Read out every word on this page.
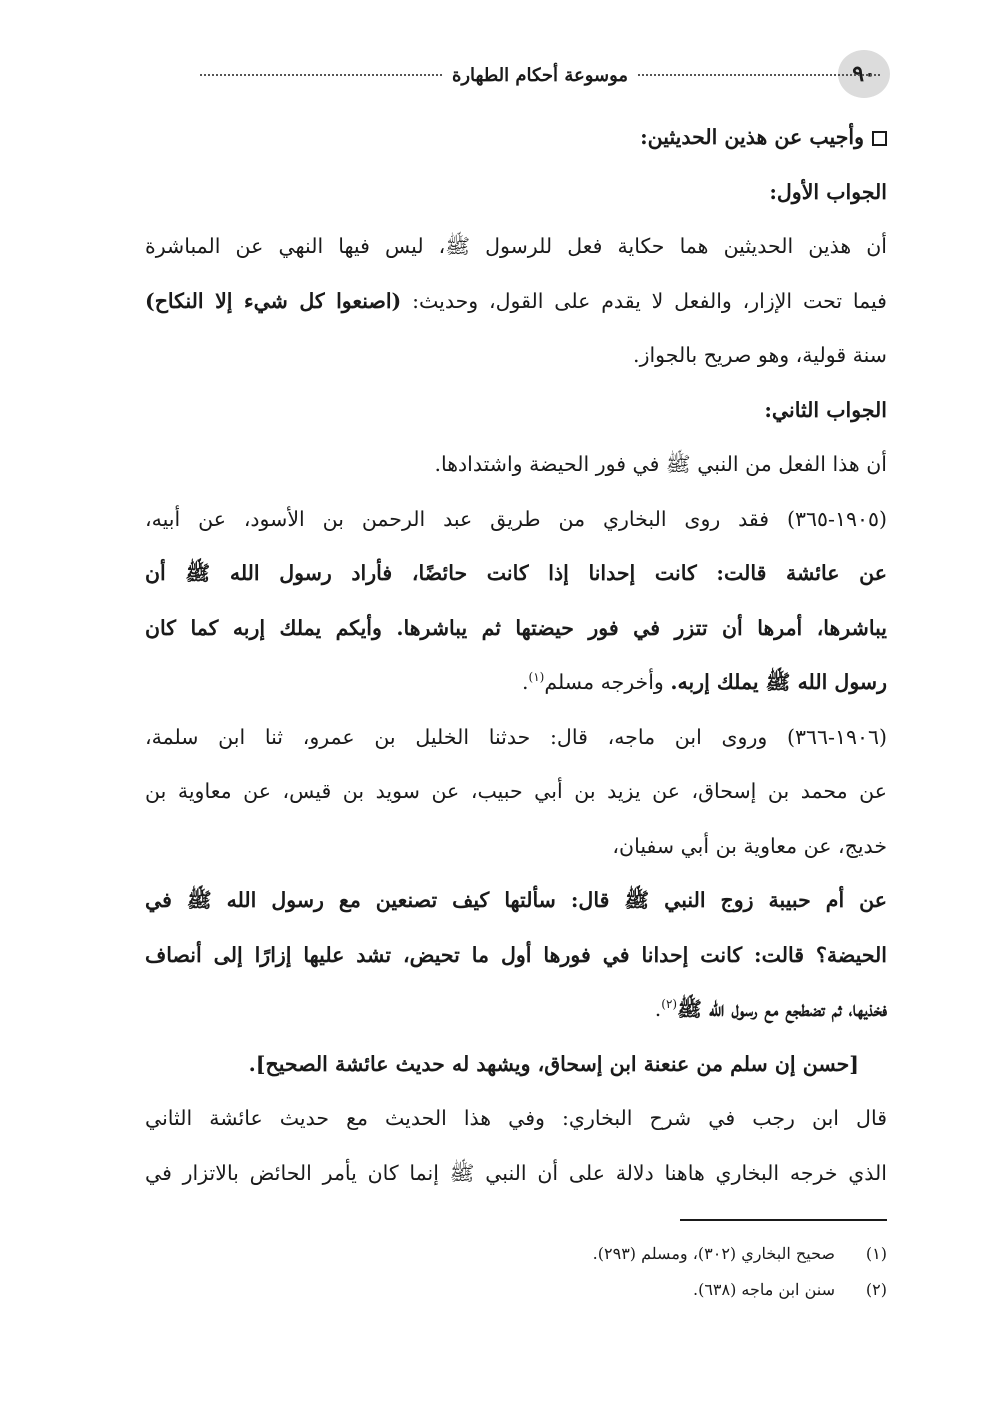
٩٠
موسوعة أحكام الطهارة
وأجيب عن هذين الحديثين:
الجواب الأول:
أن هذين الحديثين هما حكاية فعل للرسول ﷺ، ليس فيها النهي عن المباشرة
فيما تحت الإزار، والفعل لا يقدم على القول، وحديث: (اصنعوا كل شيء إلا النكاح)
سنة قولية، وهو صريح بالجواز.
الجواب الثاني:
أن هذا الفعل من النبي ﷺ في فور الحيضة واشتدادها.
(١٩٠٥-٣٦٥) فقد روى البخاري من طريق عبد الرحمن بن الأسود، عن أبيه،
عن عائشة قالت: كانت إحدانا إذا كانت حائضًا، فأراد رسول الله ﷺ أن
يباشرها، أمرها أن تتزر في فور حيضتها ثم يباشرها. وأيكم يملك إربه كما كان
رسول الله ﷺ يملك إربه. وأخرجه مسلم$^{(١)}$.
(١٩٠٦-٣٦٦) وروى ابن ماجه، قال: حدثنا الخليل بن عمرو، ثنا ابن سلمة،
عن محمد بن إسحاق، عن يزيد بن أبي حبيب، عن سويد بن قيس، عن معاوية بن
خديج، عن معاوية بن أبي سفيان،
عن أم حبيبة زوج النبي ﷺ قال: سألتها كيف تصنعين مع رسول الله ﷺ في
الحيضة؟ قالت: كانت إحدانا في فورها أول ما تحيض، تشد عليها إزارًا إلى أنصاف
فخذيها، ثم تضطجع مع رسول الله ﷺ$^{(٢)}$.
[حسن إن سلم من عنعنة ابن إسحاق، ويشهد له حديث عائشة الصحيح].
قال ابن رجب في شرح البخاري: وفي هذا الحديث مع حديث عائشة الثاني
الذي خرجه البخاري هاهنا دلالة على أن النبي ﷺ إنما كان يأمر الحائض بالاتزار في
(١)صحيح البخاري (٣٠٢)، ومسلم (٢٩٣).
(٢)سنن ابن ماجه (٦٣٨).
